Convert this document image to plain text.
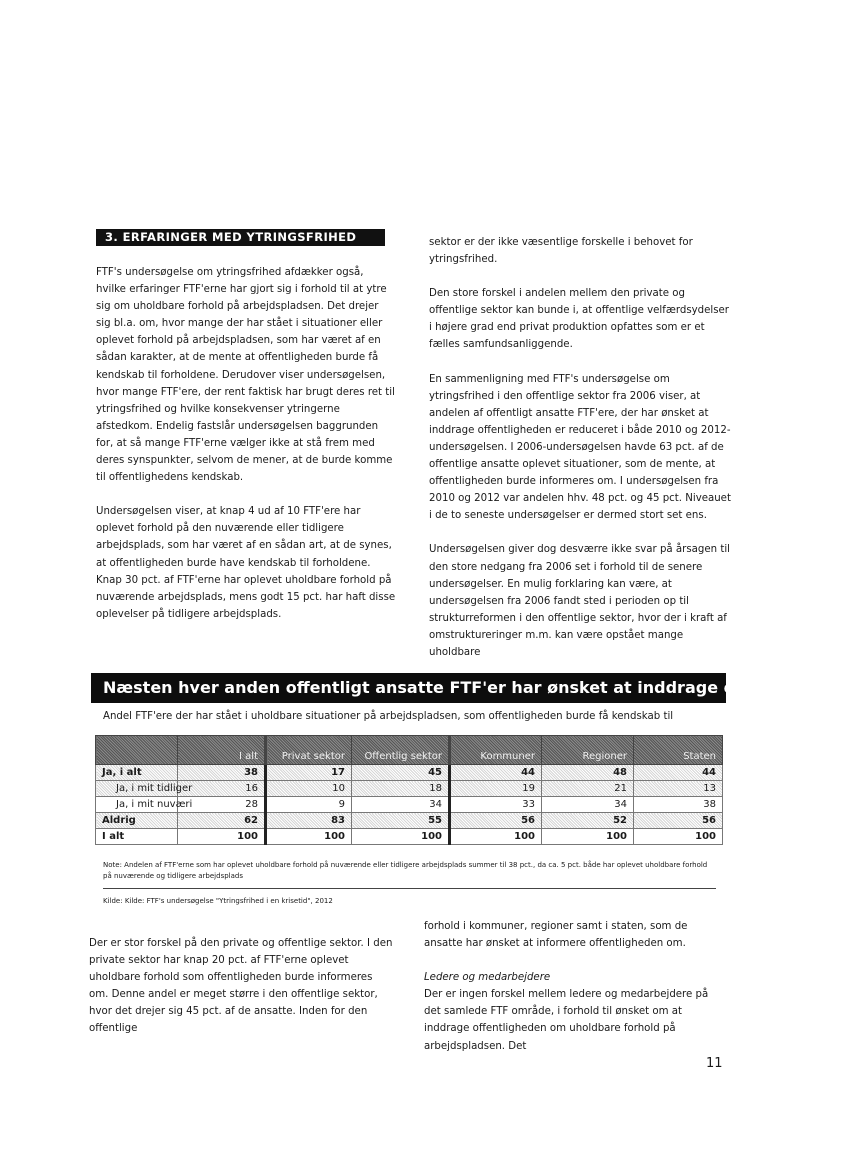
3. ERFARINGER MED YTRINGSFRIHED

FTF's undersøgelse om ytringsfrihed afdækker også, hvilke erfaringer FTF'erne har gjort sig i forhold til at ytre sig om uholdbare forhold på arbejdspladsen. Det drejer sig bl.a. om, hvor mange der har stået i situationer eller oplevet forhold på arbejdspladsen, som har været af en sådan karakter, at de mente at offentligheden burde få kendskab til forholdene. Derudover viser undersøgelsen, hvor mange FTF'ere, der rent faktisk har brugt deres ret til ytringsfrihed og hvilke konsekvenser ytringerne afstedkom. Endelig fastslår undersøgelsen baggrunden for, at så mange FTF'erne vælger ikke at stå frem med deres synspunkter, selvom de mener, at de burde komme til offentlighedens kendskab.

Undersøgelsen viser, at knap 4 ud af 10 FTF'ere har oplevet forhold på den nuværende eller tidligere arbejdsplads, som har været af en sådan art, at de synes, at offentligheden burde have kendskab til forholdene. Knap 30 pct. af FTF'erne har oplevet uholdbare forhold på nuværende arbejdsplads, mens godt 15 pct. har haft disse oplevelser på tidligere arbejdsplads.

sektor er der ikke væsentlige forskelle i behovet for ytringsfrihed.

Den store forskel i andelen mellem den private og offentlige sektor kan bunde i, at offentlige velfærdsydelser i højere grad end privat produktion opfattes som er et fælles samfundsanliggende.

En sammenligning med FTF's undersøgelse om ytringsfrihed i den offentlige sektor fra 2006 viser, at andelen af offentligt ansatte FTF'ere, der har ønsket at inddrage offentligheden er reduceret i både 2010 og 2012-undersøgelsen. I 2006-undersøgelsen havde 63 pct. af de offentlige ansatte oplevet situationer, som de mente, at offentligheden burde informeres om. I undersøgelsen fra 2010 og 2012 var andelen hhv. 48 pct. og 45 pct. Niveauet i de to seneste undersøgelser er dermed stort set ens.

Undersøgelsen giver dog desværre ikke svar på årsagen til den store nedgang fra 2006 set i forhold til de senere undersøgelser. En mulig forklaring kan være, at undersøgelsen fra 2006 fandt sted i perioden op til strukturreformen i den offentlige sektor, hvor der i kraft af omstruktureringer m.m. kan være opstået mange uholdbare

Næsten hver anden offentligt ansatte FTF'er har ønsket at inddrage offentligheden
Andel FTF'ere der har stået i uholdbare situationer på arbejdspladsen, som offentligheden burde få kendskab til
	I alt	Privat sektor	Offentlig sektor	Kommuner	Regioner	Staten
Ja, i alt	38	17	45	44	48	44
Ja, i mit tidliger	16	10	18	19	21	13
Ja, i mit nuværi	28	9	34	33	34	38
Aldrig	62	83	55	56	52	56
I alt	100	100	100	100	100	100
Note: Andelen af FTF'erne som har oplevet uholdbare forhold på nuværende eller tidligere arbejdsplads summer til 38 pct., da ca. 5 pct. både har oplevet uholdbare forhold på nuværende og tidligere arbejdsplads
Kilde: Kilde: FTF's undersøgelse "Ytringsfrihed i en krisetid", 2012

Der er stor forskel på den private og offentlige sektor. I den private sektor har knap 20 pct. af FTF'erne oplevet uholdbare forhold som offentligheden burde informeres om. Denne andel er meget større i den offentlige sektor, hvor det drejer sig 45 pct. af de ansatte. Inden for den offentlige

forhold i kommuner, regioner samt i staten, som de ansatte har ønsket at informere offentligheden om.

Ledere og medarbejdere

Der er ingen forskel mellem ledere og medarbejdere på det samlede FTF område, i forhold til ønsket om at inddrage offentligheden om uholdbare forhold på arbejdspladsen. Det

11
